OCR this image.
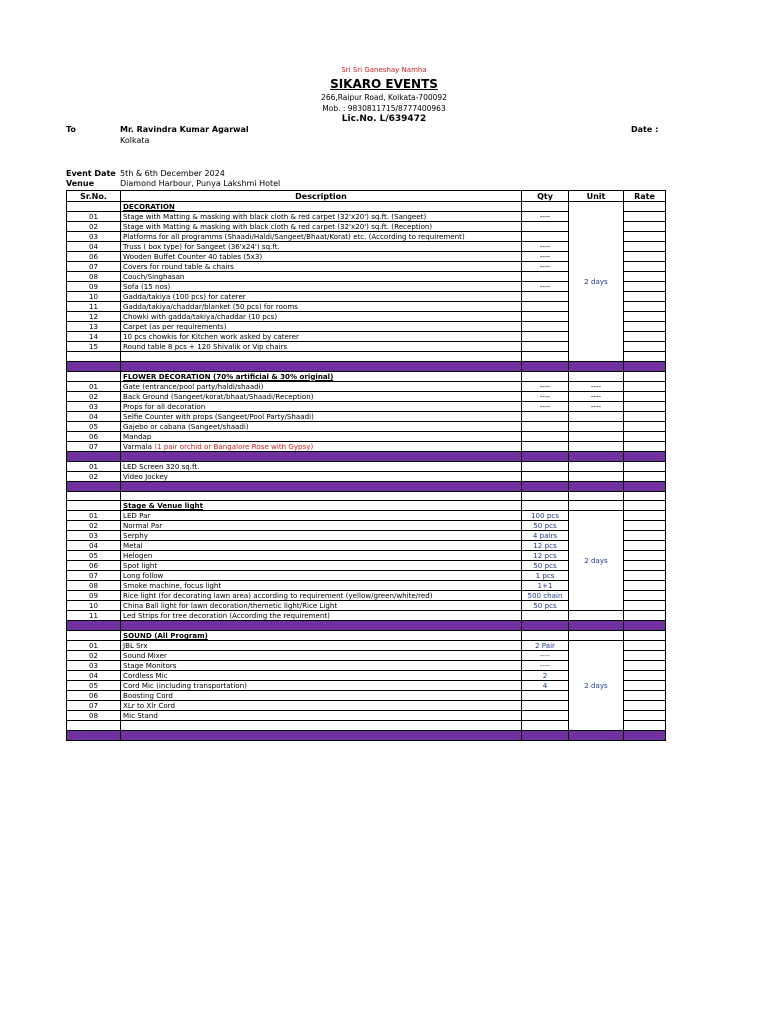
Sri Sri Ganeshay Namha
SIKARO EVENTS
266,Raipur Road, Kolkata-700092
Mob. : 9830811715/8777400963
Lic.No. L/639472
To	Mr. Ravindra Kumar Agarwal
Kolkata
Date :
Event Date 5th & 6th December 2024
Venue	Diamond Harbour, Punya Lakshmi Hotel
Sr.No.	Description	Qty	Unit	Rate
	DECORATION		2 days	
01	Stage with Matting & masking with black cloth & red carpet (32'x20') sq.ft. (Sangeet)	----		
02	Stage with Matting & masking with black cloth & red carpet (32'x20') sq.ft. (Reception)			
03	Platforms for all programms (Shaadi/Haldi/Sangeet/Bhaat/Korat) etc. (According to requirement)			
04	Truss ( box type) for Sangeet (36'x24') sq.ft.	----		
06	Wooden Buffet Counter 40 tables (5x3)	----		
07	Covers for round table & chairs	----		
08	Couch/Singhasan			
09	Sofa (15 nos)	----		
10	Gadda/takiya (100 pcs) for caterer			
11	Gadda/takiya/chaddar/blanket (50 pcs) for rooms			
12	Chowki with gadda/takiya/chaddar (10 pcs)			
13	Carpet (as per requirements)			
14	10 pcs chowkis for Kitchen work asked by caterer			
15	Round table 8 pcs + 120 Shivalik or Vip chairs			

	FLOWER DECORATION (70% artificial & 30% original)			
01	Gate (entrance/pool party/haldi/shaadi)	----	----	
02	Back Ground (Sangeet/korat/bhaat/Shaadi/Reception)	----	----	
03	Props for all decoration	----	----	
04	Selfie Counter with props (Sangeet/Pool Party/Shaadi)			
05	Gajebo or cabana (Sangeet/shaadi)			
06	Mandap			
07	Varmala (1 pair orchid or Bangalore Rose with Gypsy)			

01	LED Screen 320 sq.ft.			
02	Video Jockey			

	Stage & Venue light			
01	LED Par	100 pcs	2 days	
02	Normal Par	50 pcs		
03	Serphy	4 pairs		
04	Metal	12 pcs		
05	Helogen	12 pcs		
06	Spot light	50 pcs		
07	Long follow	1 pcs		
08	Smoke machine, focus light	1+1		
09	Rice light (for decorating lawn area) according to requirement (yellow/green/white/red)	500 chain		
10	China Ball light for lawn decoration/themetic light/Rice Light	50 pcs		
11	Led Strips for tree decoration (According the requirement)			

	SOUND (All Program)			
01	JBL Srx	2 Pair	2 days	
02	Sound Mixer	----		
03	Stage Monitors	----		
04	Cordless Mic	2		
05	Cord Mic (including transportation)	4		
06	Boosting Cord			
07	XLr to Xlr Cord			
08	Mic Stand			
